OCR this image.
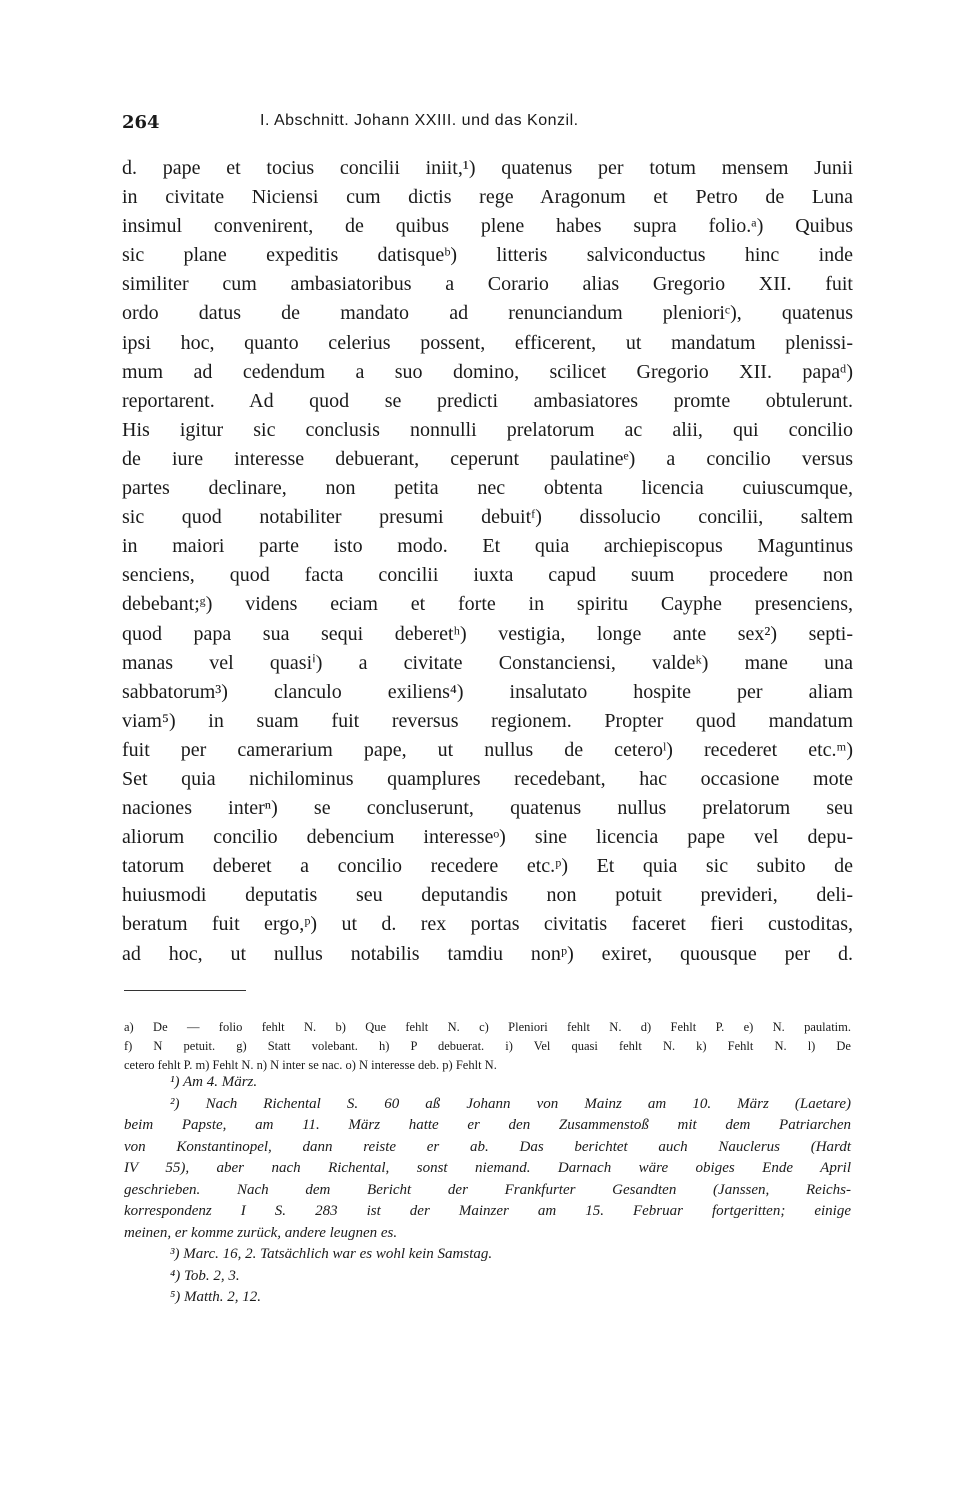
264	I. Abschnitt. Johann XXIII. und das Konzil.
d. pape et tocius concilii iniit,¹) quatenus per totum mensem Junii
in civitate Niciensi cum dictis rege Aragonum et Petro de Luna
insimul convenirent, de quibus plene habes supra folio.ᵃ) Quibus
sic plane expeditis datisqueᵇ) litteris salviconductus hinc inde
similiter cum ambasiatoribus a Corario alias Gregorio XII. fuit
ordo datus de mandato ad renunciandum plenioriᶜ), quatenus
ipsi hoc, quanto celerius possent, efficerent, ut mandatum plenissi-
mum ad cedendum a suo domino, scilicet Gregorio XII. papaᵈ)
reportarent. Ad quod se predicti ambasiatores promte obtulerunt.
His igitur sic conclusis nonnulli prelatorum ac alii, qui concilio
de iure interesse debuerant, ceperunt paulatineᵉ) a concilio versus
partes declinare, non petita nec obtenta licencia cuiuscumque,
sic quod notabiliter presumi debuitᶠ) dissolucio concilii, saltem
in maiori parte isto modo. Et quia archiepiscopus Maguntinus
senciens, quod facta concilii iuxta capud suum procedere non
debebant;ᵍ) videns eciam et forte in spiritu Cayphe presenciens,
quod papa sua sequi deberetʰ) vestigia, longe ante sex²) septi-
manas vel quasiⁱ) a civitate Constanciensi, valdeᵏ) mane una
sabbatorum³) clanculo exiliens⁴) insalutato hospite per aliam
viam⁵) in suam fuit reversus regionem. Propter quod mandatum
fuit per camerarium pape, ut nullus de ceteroˡ) recederet etc.ᵐ)
Set quia nichilominus quamplures recedebant, hac occasione mote
naciones interⁿ) se concluserunt, quatenus nullus prelatorum seu
aliorum concilio debencium interesseᵒ) sine licencia pape vel depu-
tatorum deberet a concilio recedere etc.ᵖ) Et quia sic subito de
huiusmodi deputatis seu deputandis non potuit previderi, deli-
beratum fuit ergo,ᵖ) ut d. rex portas civitatis faceret fieri custoditas,
ad hoc, ut nullus notabilis tamdiu nonᵖ) exiret, quousque per d.
a) De — folio fehlt N. b) Que fehlt N. c) Pleniori fehlt N. d) Fehlt P. e) N. paulatim.
f) N petuit. g) Statt volebant. h) P debuerat. i) Vel quasi fehlt N. k) Fehlt N. l) De
cetero fehlt P. m) Fehlt N. n) N inter se nac. o) N interesse deb. p) Fehlt N.
¹) Am 4. März.
²) Nach Richental S. 60 aß Johann von Mainz am 10. März (Laetare)
beim Papste, am 11. März hatte er den Zusammenstoß mit dem Patriarchen
von Konstantinopel, dann reiste er ab. Das berichtet auch Nauclerus (Hardt
IV 55), aber nach Richental, sonst niemand. Darnach wäre obiges Ende April
geschrieben. Nach dem Bericht der Frankfurter Gesandten (Janssen, Reichs-
korrespondenz I S. 283 ist der Mainzer am 15. Februar fortgeritten; einige
meinen, er komme zurück, andere leugnen es.
³) Marc. 16, 2. Tatsächlich war es wohl kein Samstag.
⁴) Tob. 2, 3.
⁵) Matth. 2, 12.
